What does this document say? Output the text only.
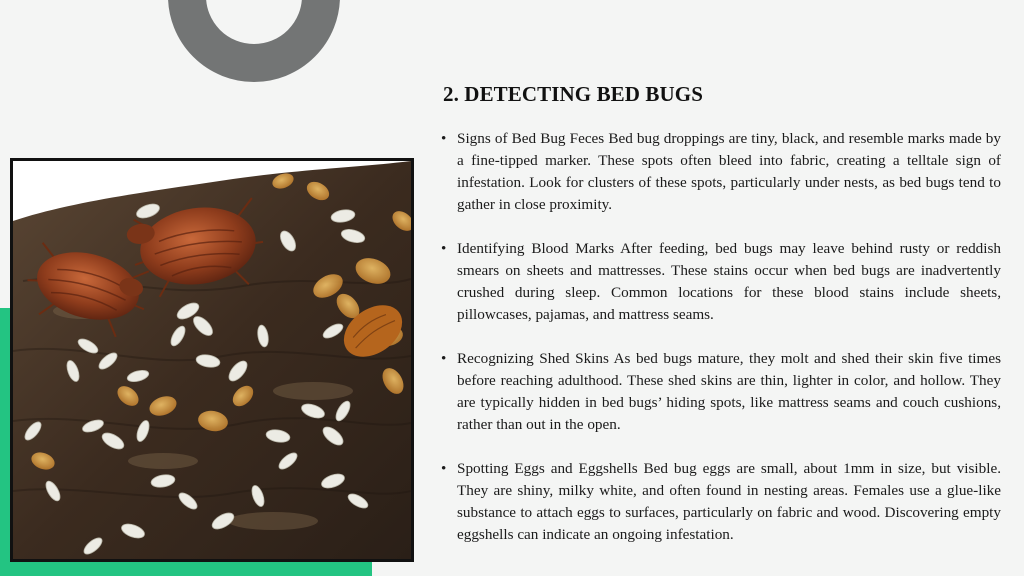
2. DETECTING BED BUGS
• Signs of Bed Bug Feces Bed bug droppings are tiny, black, and resemble marks made by a fine-tipped marker. These spots often bleed into fabric, creating a telltale sign of infestation. Look for clusters of these spots, particularly under nests, as bed bugs tend to gather in close proximity.
• Identifying Blood Marks After feeding, bed bugs may leave behind rusty or reddish smears on sheets and mattresses. These stains occur when bed bugs are inadvertently crushed during sleep. Common locations for these blood stains include sheets, pillowcases, pajamas, and mattress seams.
• Recognizing Shed Skins As bed bugs mature, they molt and shed their skin five times before reaching adulthood. These shed skins are thin, lighter in color, and hollow. They are typically hidden in bed bugs’ hiding spots, like mattress seams and couch cushions, rather than out in the open.
• Spotting Eggs and Eggshells Bed bug eggs are small, about 1mm in size, but visible. They are shiny, milky white, and often found in nesting areas. Females use a glue-like substance to attach eggs to surfaces, particularly on fabric and wood. Discovering empty eggshells can indicate an ongoing infestation.
